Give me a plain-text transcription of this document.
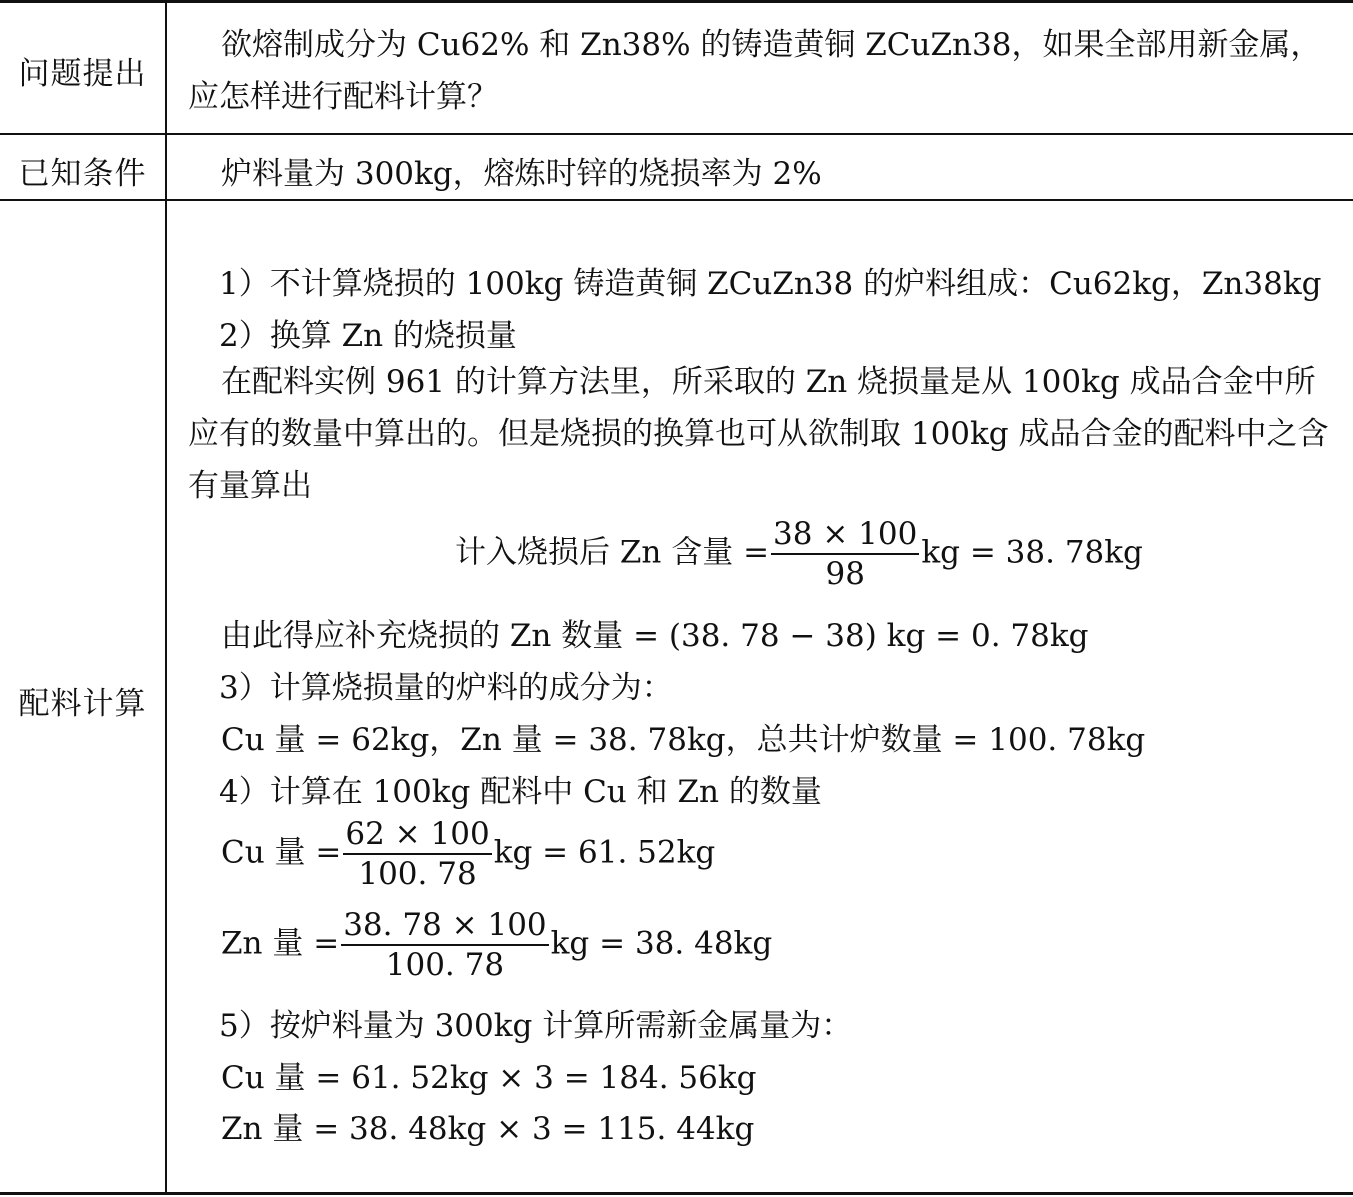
问题提出
欲熔制成分为 Cu62% 和 Zn38% 的铸造黄铜 ZCuZn38，如果全部用新金属，应怎样进行配料计算？
已知条件	炉料量为 300kg，熔炼时锌的烧损率为 2%
配料计算
1）不计算烧损的 100kg 铸造黄铜 ZCuZn38 的炉料组成：Cu62kg，Zn38kg
2）换算 Zn 的烧损量
在配料实例 961 的计算方法里，所采取的 Zn 烧损量是从 100kg 成品合金中所应有的数量中算出的。但是烧损的换算也可从欲制取 100kg 成品合金的配料中之含有量算出
计入烧损后 Zn 含量 = $\frac{38 \times 100}{98}$ kg = 38. 78kg
由此得应补充烧损的 Zn 数量 = (38. 78 − 38) kg = 0. 78kg
3）计算烧损量的炉料的成分为：
Cu 量 = 62kg，Zn 量 = 38. 78kg，总共计炉数量 = 100. 78kg
4）计算在 100kg 配料中 Cu 和 Zn 的数量
Cu 量 = $\frac{62 \times 100}{100. 78}$ kg = 61. 52kg
Zn 量 = $\frac{38. 78 \times 100}{100. 78}$ kg = 38. 48kg
5）按炉料量为 300kg 计算所需新金属量为：
Cu 量 = 61. 52kg × 3 = 184. 56kg
Zn 量 = 38. 48kg × 3 = 115. 44kg
